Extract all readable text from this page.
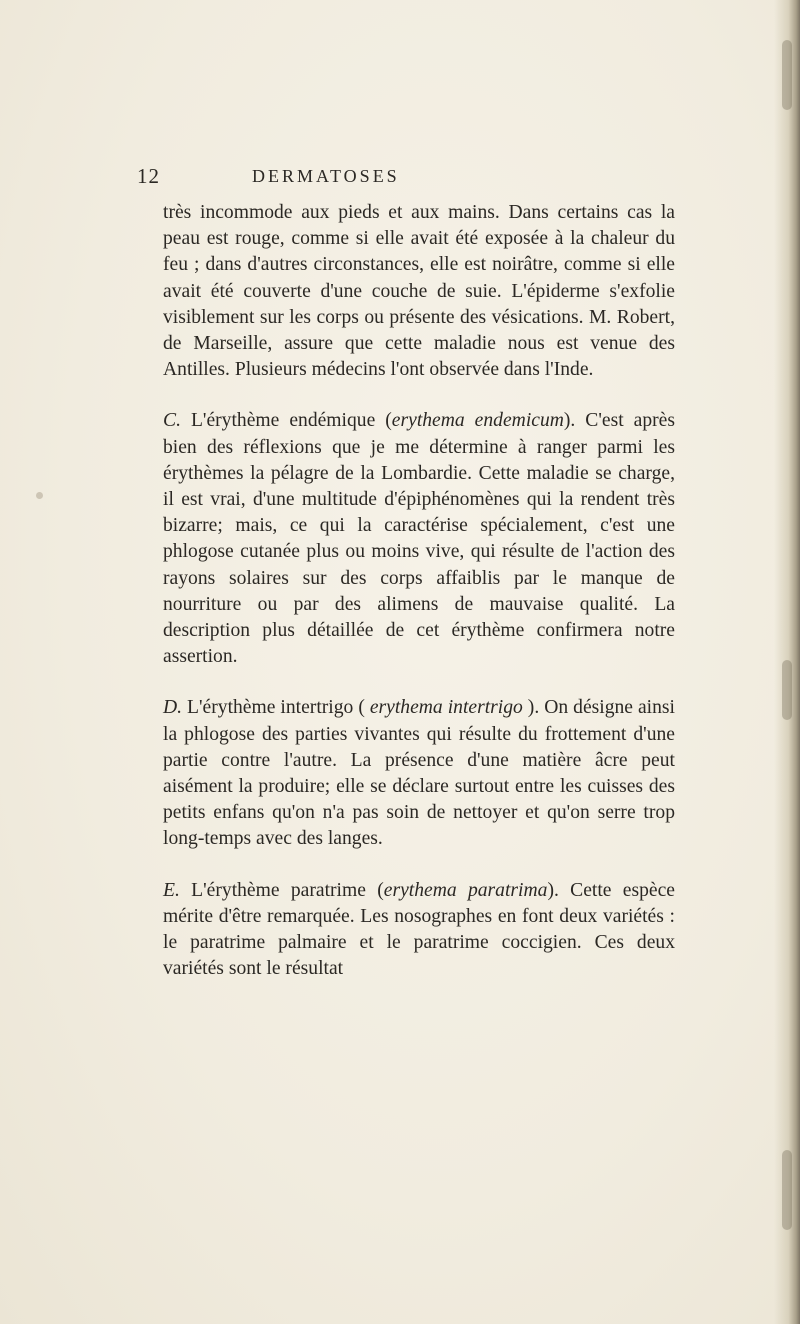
12	DERMATOSES

très incommode aux pieds et aux mains. Dans certains cas la peau est rouge, comme si elle avait été exposée à la chaleur du feu ; dans d'autres circonstances, elle est noirâtre, comme si elle avait été couverte d'une couche de suie. L'épiderme s'exfolie visiblement sur les corps ou présente des vésications. M. Robert, de Marseille, assure que cette maladie nous est venue des Antilles. Plusieurs médecins l'ont observée dans l'Inde.

C. L'érythème endémique (erythema endemicum). C'est après bien des réflexions que je me détermine à ranger parmi les érythèmes la pélagre de la Lombardie. Cette maladie se charge, il est vrai, d'une multitude d'épiphénomènes qui la rendent très bizarre; mais, ce qui la caractérise spécialement, c'est une phlogose cutanée plus ou moins vive, qui résulte de l'action des rayons solaires sur des corps affaiblis par le manque de nourriture ou par des alimens de mauvaise qualité. La description plus détaillée de cet érythème confirmera notre assertion.

D. L'érythème intertrigo ( erythema intertrigo ). On désigne ainsi la phlogose des parties vivantes qui résulte du frottement d'une partie contre l'autre. La présence d'une matière âcre peut aisément la produire; elle se déclare surtout entre les cuisses des petits enfans qu'on n'a pas soin de nettoyer et qu'on serre trop long-temps avec des langes.

E. L'érythème paratrime (erythema paratrima). Cette espèce mérite d'être remarquée. Les nosographes en font deux variétés : le paratrime palmaire et le paratrime coccigien. Ces deux variétés sont le résultat
